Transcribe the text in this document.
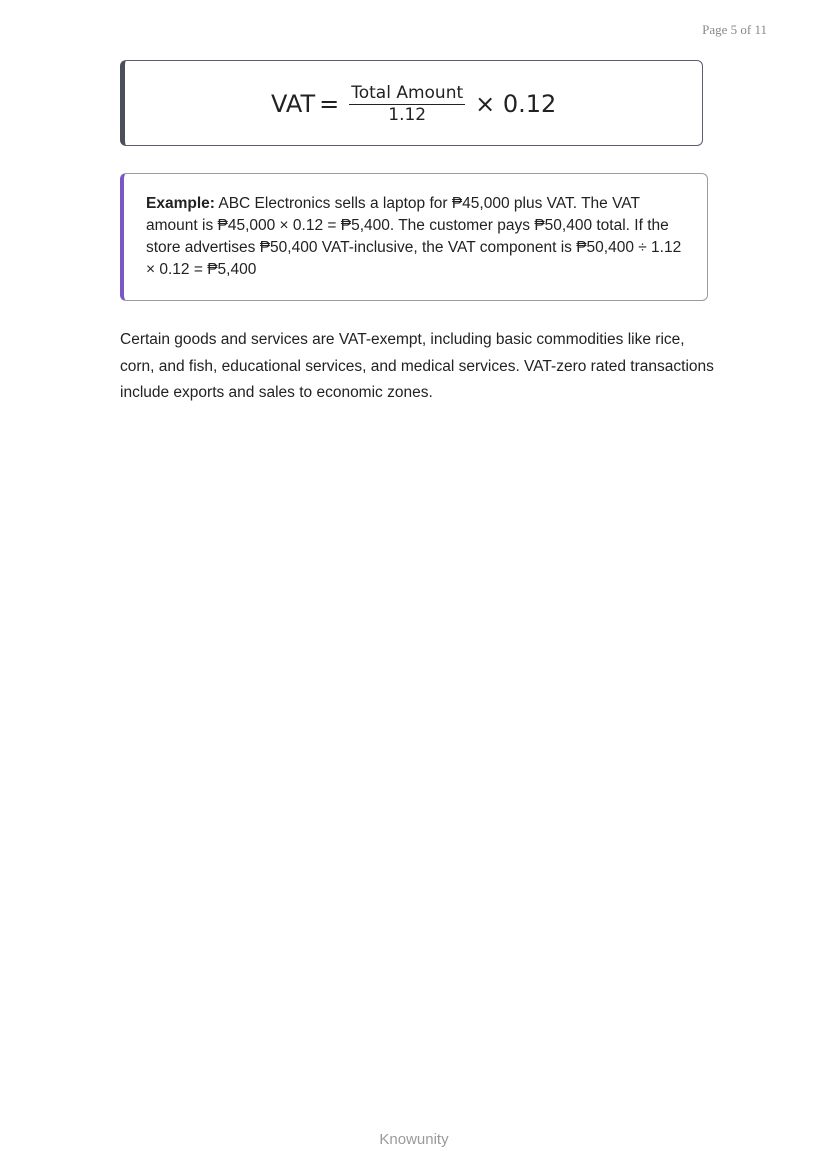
Page 5 of 11
VAT = $\frac{\text{Total Amount}}{1.12} \times 0.12$
Example: ABC Electronics sells a laptop for ₱45,000 plus VAT. The VAT amount is ₱45,000 × 0.12 = ₱5,400. The customer pays ₱50,400 total. If the store advertises ₱50,400 VAT-inclusive, the VAT component is ₱50,400 ÷ 1.12 × 0.12 = ₱5,400
Certain goods and services are VAT-exempt, including basic commodities like rice, corn, and fish, educational services, and medical services. VAT-zero rated transactions include exports and sales to economic zones.
Knowunity
